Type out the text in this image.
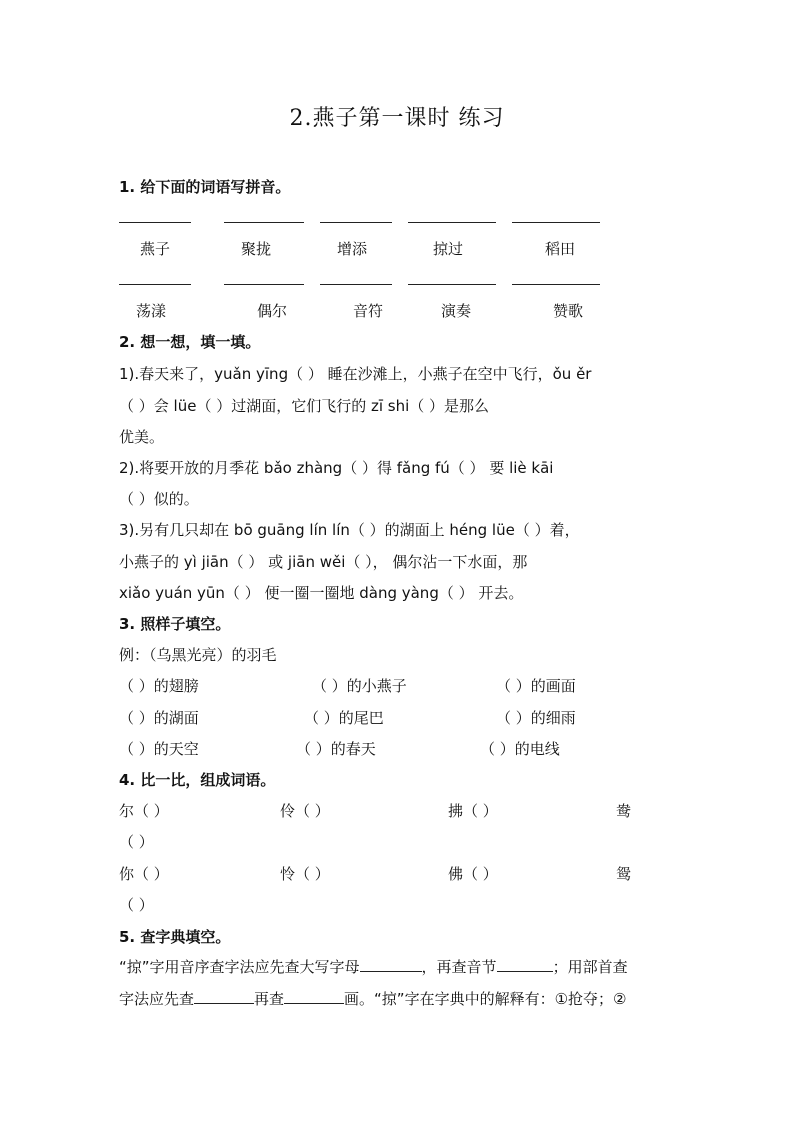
2.燕子第一课时 练习
1. 给下面的词语写拼音。
燕子	聚拢	增添	掠过	稻田
荡漾	偶尔	音符	演奏	赞歌
2. 想一想，填一填。
1).春天来了，yuǎn yīng（ ） 睡在沙滩上，小燕子在空中飞行，ǒu ěr
（ ）会 lüe（ ）过湖面，它们飞行的 zī shi（ ）是那么
优美。
2).将要开放的月季花 bǎo zhàng（ ）得 fǎng fú（ ） 要 liè kāi
（ ）似的。
3).另有几只却在 bō guāng lín lín（ ）的湖面上 héng lüe（ ）着，
小燕子的 yì jiān（ ） 或 jiān wěi（ ）， 偶尔沾一下水面，那
xiǎo yuán yūn（ ） 便一圈一圈地 dàng yàng（ ） 开去。
3. 照样子填空。
例：（乌黑光亮）的羽毛
（ ）的翅膀	（ ）的小燕子	（ ）的画面
（ ）的湖面	（ ）的尾巴	（ ）的细雨
（ ）的天空	（ ）的春天	（ ）的电线
4. 比一比，组成词语。
尔（ ）	伶（ ）	拂（ ）	鸯
（ ）
你（ ）	怜（ ）	佛（ ）	鸳
（ ）
5. 查字典填空。
“掠”字用音序查字法应先查大写字母	，再查音节	；用部首查
字法应先查	再查	画。“掠”字在字典中的解释有：①抢夺；②
